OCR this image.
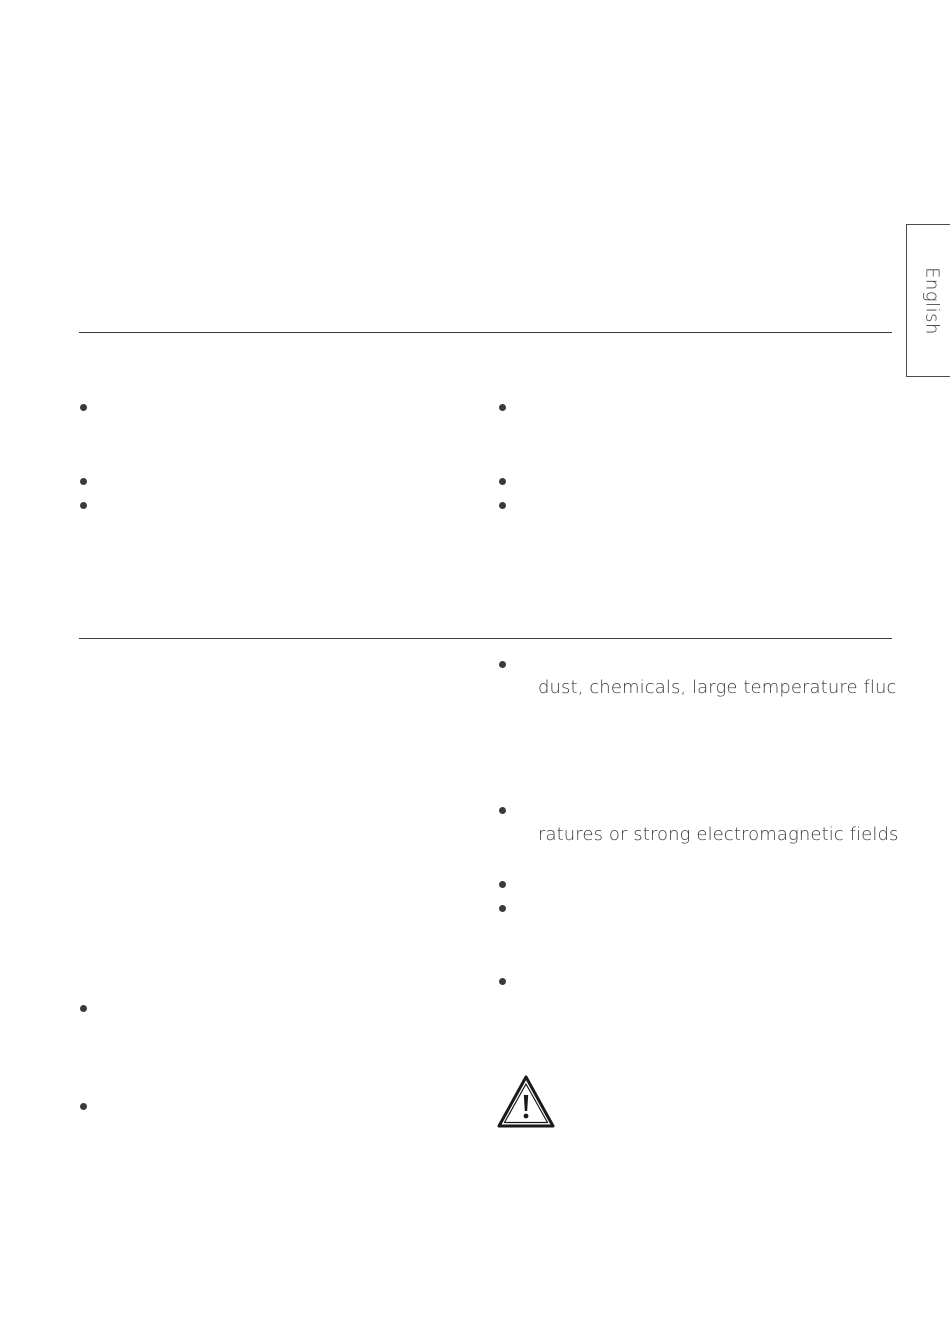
English
dust, chemicals, large temperature fluc
ratures or strong electromagnetic fields
